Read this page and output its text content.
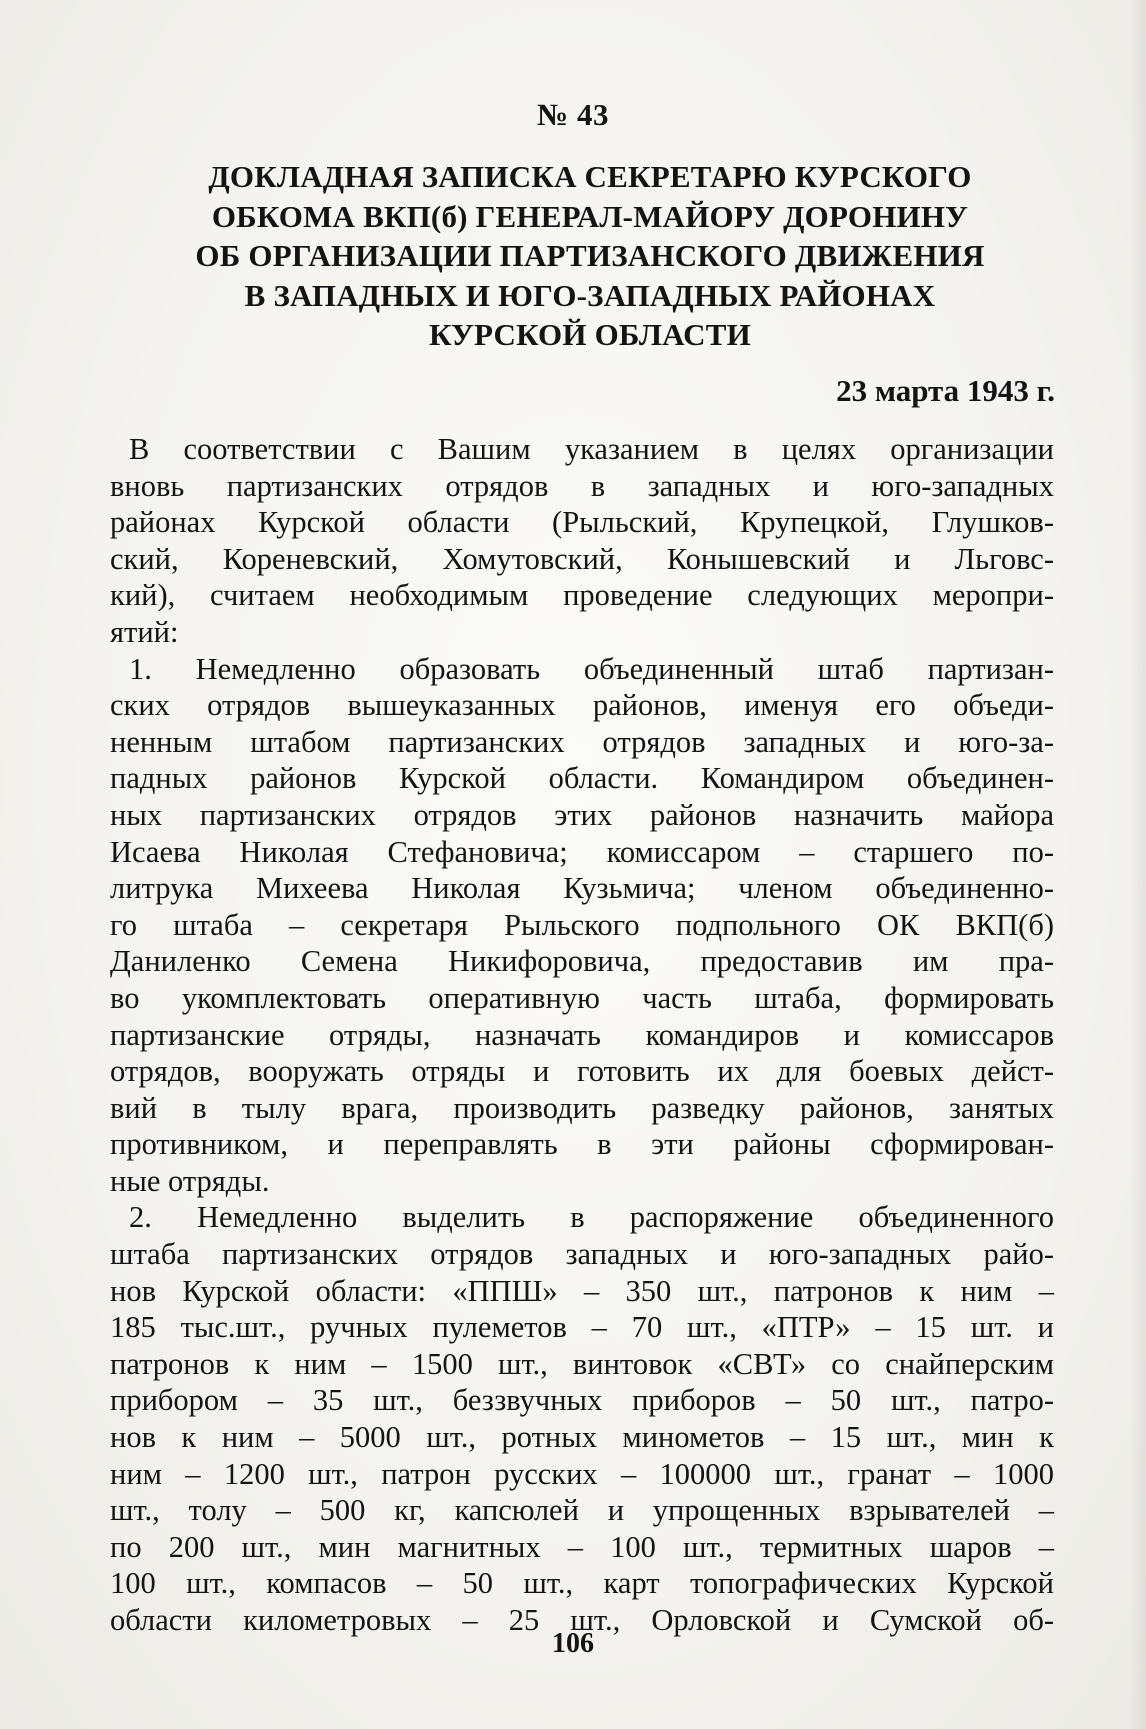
№ 43
ДОКЛАДНАЯ ЗАПИСКА СЕКРЕТАРЮ КУРСКОГО
ОБКОМА ВКП(б) ГЕНЕРАЛ-МАЙОРУ ДОРОНИНУ
ОБ ОРГАНИЗАЦИИ ПАРТИЗАНСКОГО ДВИЖЕНИЯ
В ЗАПАДНЫХ И ЮГО-ЗАПАДНЫХ РАЙОНАХ
КУРСКОЙ ОБЛАСТИ
23 марта 1943 г.
В соответствии с Вашим указанием в целях организации
вновь партизанских отрядов в западных и юго-западных
районах Курской области (Рыльский, Крупецкой, Глушков-
ский, Кореневский, Хомутовский, Конышевский и Льговс-
кий), считаем необходимым проведение следующих меропри-
ятий:
1. Немедленно образовать объединенный штаб партизан-
ских отрядов вышеуказанных районов, именуя его объеди-
ненным штабом партизанских отрядов западных и юго-за-
падных районов Курской области. Командиром объединен-
ных партизанских отрядов этих районов назначить майора
Исаева Николая Стефановича; комиссаром – старшего по-
литрука Михеева Николая Кузьмича; членом объединенно-
го штаба – секретаря Рыльского подпольного ОК ВКП(б)
Даниленко Семена Никифоровича, предоставив им пра-
во укомплектовать оперативную часть штаба, формировать
партизанские отряды, назначать командиров и комиссаров
отрядов, вооружать отряды и готовить их для боевых дейст-
вий в тылу врага, производить разведку районов, занятых
противником, и переправлять в эти районы сформирован-
ные отряды.
2. Немедленно выделить в распоряжение объединенного
штаба партизанских отрядов западных и юго-западных райо-
нов Курской области: «ППШ» – 350 шт., патронов к ним –
185 тыс.шт., ручных пулеметов – 70 шт., «ПТР» – 15 шт. и
патронов к ним – 1500 шт., винтовок «СВТ» со снайперским
прибором – 35 шт., беззвучных приборов – 50 шт., патро-
нов к ним – 5000 шт., ротных минометов – 15 шт., мин к
ним – 1200 шт., патрон русских – 100000 шт., гранат – 1000
шт., толу – 500 кг, капсюлей и упрощенных взрывателей –
по 200 шт., мин магнитных – 100 шт., термитных шаров –
100 шт., компасов – 50 шт., карт топографических Курской
области километровых – 25 шт., Орловской и Сумской об-
106
